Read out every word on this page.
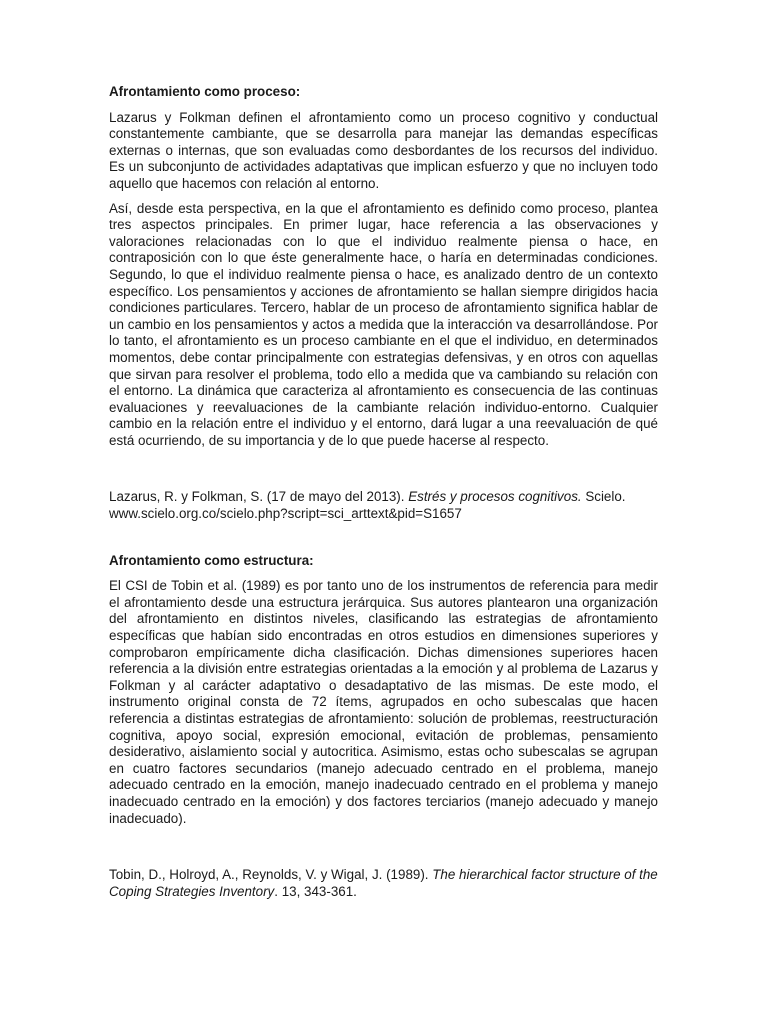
Afrontamiento como proceso:

Lazarus y Folkman definen el afrontamiento como un proceso cognitivo y conductual constantemente cambiante, que se desarrolla para manejar las demandas específicas externas o internas, que son evaluadas como desbordantes de los recursos del individuo. Es un subconjunto de actividades adaptativas que implican esfuerzo y que no incluyen todo aquello que hacemos con relación al entorno.

Así, desde esta perspectiva, en la que el afrontamiento es definido como proceso, plantea tres aspectos principales. En primer lugar, hace referencia a las observaciones y valoraciones relacionadas con lo que el individuo realmente piensa o hace, en contraposición con lo que éste generalmente hace, o haría en determinadas condiciones. Segundo, lo que el individuo realmente piensa o hace, es analizado dentro de un contexto específico. Los pensamientos y acciones de afrontamiento se hallan siempre dirigidos hacia condiciones particulares. Tercero, hablar de un proceso de afrontamiento significa hablar de un cambio en los pensamientos y actos a medida que la interacción va desarrollándose. Por lo tanto, el afrontamiento es un proceso cambiante en el que el individuo, en determinados momentos, debe contar principalmente con estrategias defensivas, y en otros con aquellas que sirvan para resolver el problema, todo ello a medida que va cambiando su relación con el entorno. La dinámica que caracteriza al afrontamiento es consecuencia de las continuas evaluaciones y reevaluaciones de la cambiante relación individuo-entorno. Cualquier cambio en la relación entre el individuo y el entorno, dará lugar a una reevaluación de qué está ocurriendo, de su importancia y de lo que puede hacerse al respecto.

Lazarus, R. y Folkman, S. (17 de mayo del 2013). Estrés y procesos cognitivos. Scielo.
www.scielo.org.co/scielo.php?script=sci_arttext&pid=S1657

Afrontamiento como estructura:

El CSI de Tobin et al. (1989) es por tanto uno de los instrumentos de referencia para medir el afrontamiento desde una estructura jerárquica. Sus autores plantearon una organización del afrontamiento en distintos niveles, clasificando las estrategias de afrontamiento específicas que habían sido encontradas en otros estudios en dimensiones superiores y comprobaron empíricamente dicha clasificación. Dichas dimensiones superiores hacen referencia a la división entre estrategias orientadas a la emoción y al problema de Lazarus y Folkman y al carácter adaptativo o desadaptativo de las mismas. De este modo, el instrumento original consta de 72 ítems, agrupados en ocho subescalas que hacen referencia a distintas estrategias de afrontamiento: solución de problemas, reestructuración cognitiva, apoyo social, expresión emocional, evitación de problemas, pensamiento desiderativo, aislamiento social y autocritica. Asimismo, estas ocho subescalas se agrupan en cuatro factores secundarios (manejo adecuado centrado en el problema, manejo adecuado centrado en la emoción, manejo inadecuado centrado en el problema y manejo inadecuado centrado en la emoción) y dos factores terciarios (manejo adecuado y manejo inadecuado).

Tobin, D., Holroyd, A., Reynolds, V. y Wigal, J. (1989). The hierarchical factor structure of the Coping Strategies Inventory. 13, 343-361.
